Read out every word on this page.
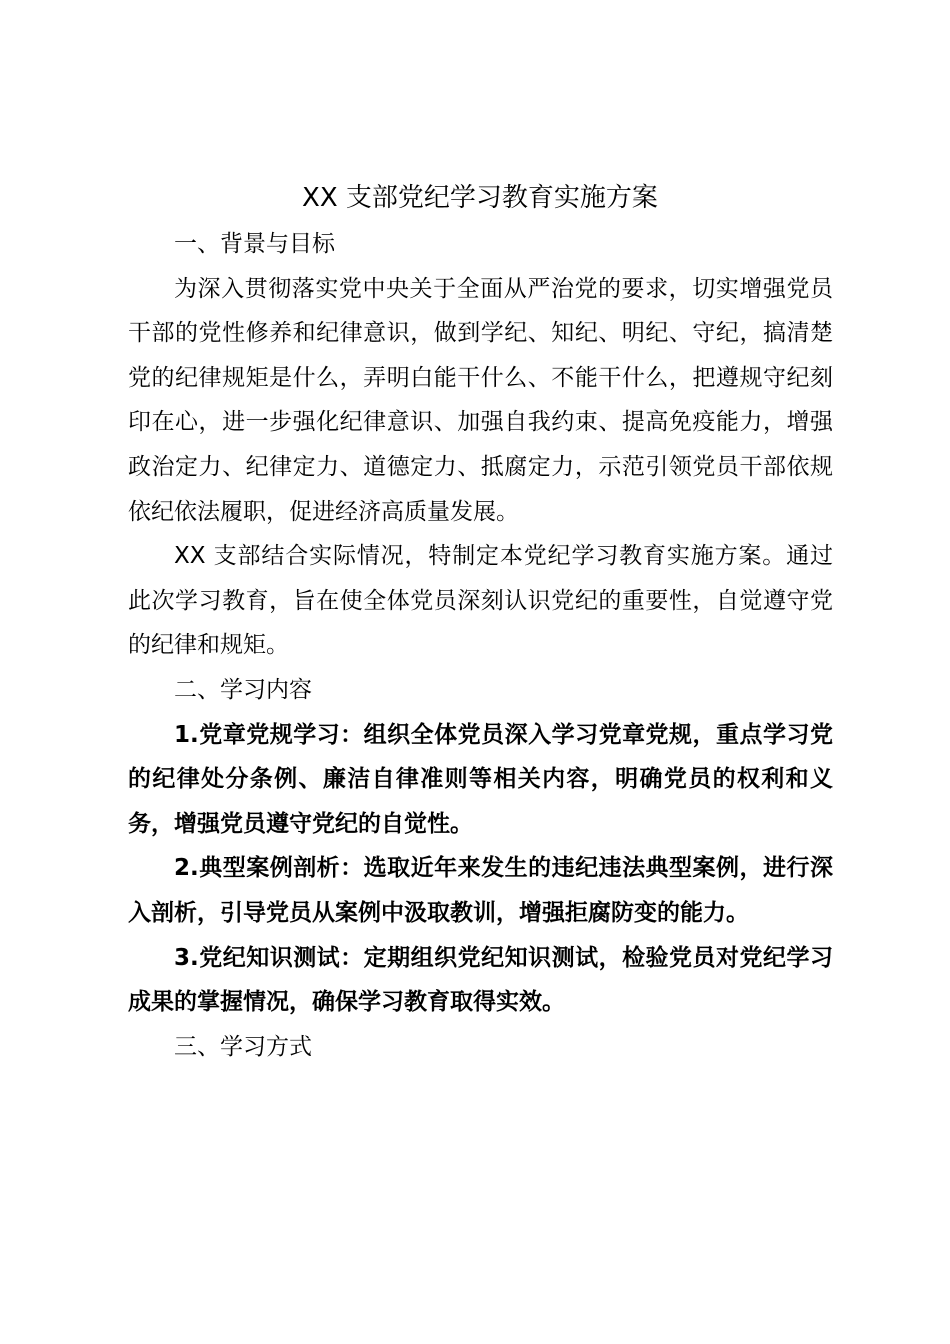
XX 支部党纪学习教育实施方案

一、背景与目标

为深入贯彻落实党中央关于全面从严治党的要求，切实增强党员干部的党性修养和纪律意识，做到学纪、知纪、明纪、守纪，搞清楚党的纪律规矩是什么，弄明白能干什么、不能干什么，把遵规守纪刻印在心，进一步强化纪律意识、加强自我约束、提高免疫能力，增强政治定力、纪律定力、道德定力、抵腐定力，示范引领党员干部依规依纪依法履职，促进经济高质量发展。

XX 支部结合实际情况，特制定本党纪学习教育实施方案。通过此次学习教育，旨在使全体党员深刻认识党纪的重要性，自觉遵守党的纪律和规矩。

二、学习内容

1.党章党规学习：组织全体党员深入学习党章党规，重点学习党的纪律处分条例、廉洁自律准则等相关内容，明确党员的权利和义务，增强党员遵守党纪的自觉性。

2.典型案例剖析：选取近年来发生的违纪违法典型案例，进行深入剖析，引导党员从案例中汲取教训，增强拒腐防变的能力。

3.党纪知识测试：定期组织党纪知识测试，检验党员对党纪学习成果的掌握情况，确保学习教育取得实效。

三、学习方式
